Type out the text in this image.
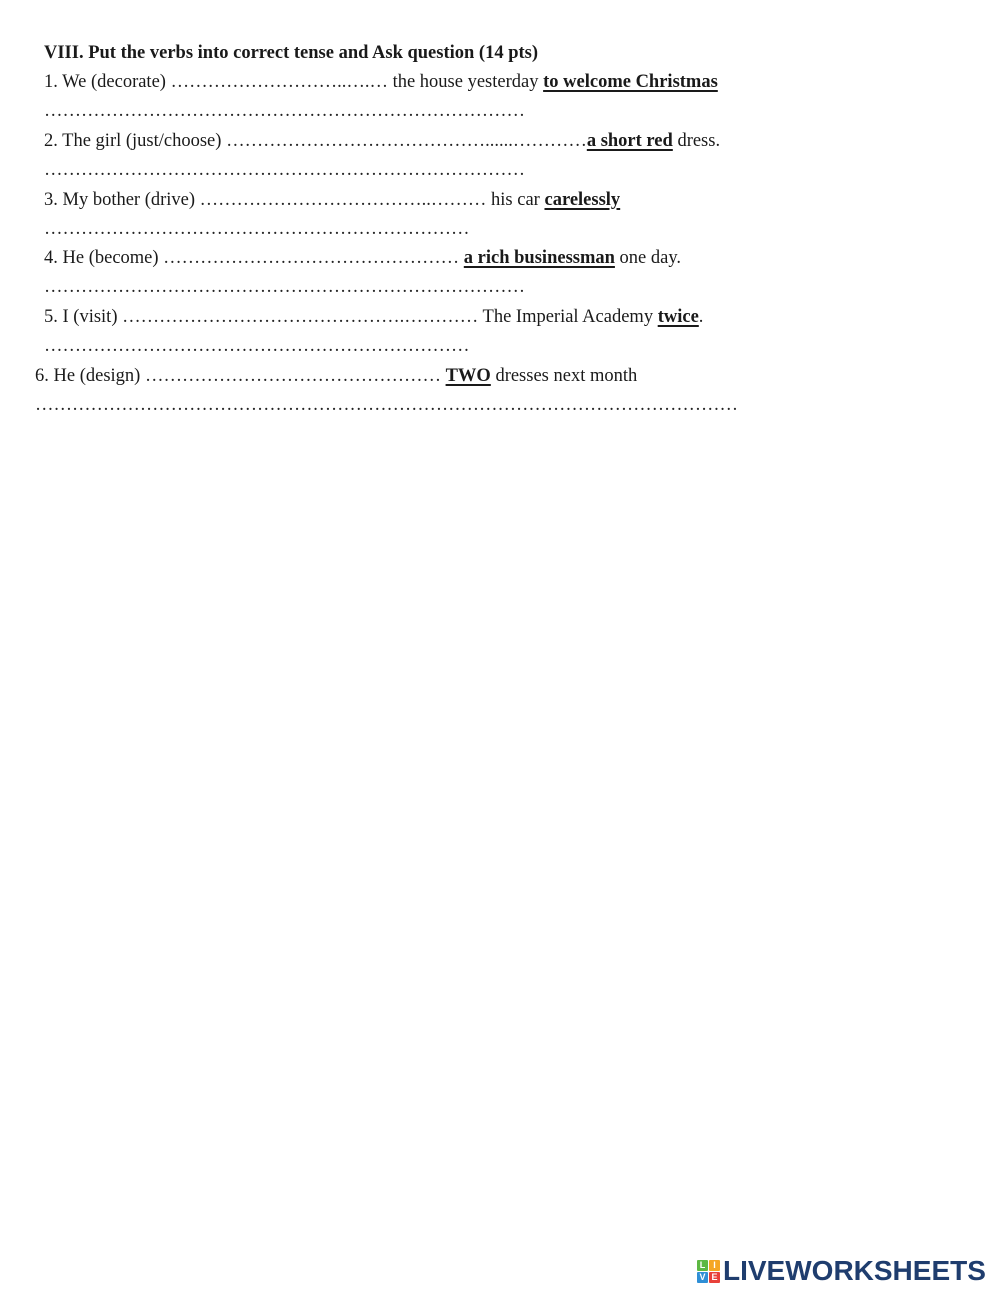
VIII. Put the verbs into correct tense and Ask question (14 pts)
1. We (decorate) ………………………..….… the house yesterday to welcome Christmas
……………………………………………………………………
2. The girl (just/choose) ……………………………………......…………a short red dress.
……………………………………………………………………
3. My bother (drive) ………………………………..……… his car carelessly
……………………………………………………………
4. He (become) ………………………………………… a rich businessman one day.
……………………………………………………………………
5. I (visit) ……………………………………….………… The Imperial Academy twice.
……………………………………………………………
6. He (design) ………………………………………… TWO dresses next month
……………………………………………………………………………………………………
L I
V E LIVEWORKSHEETS
